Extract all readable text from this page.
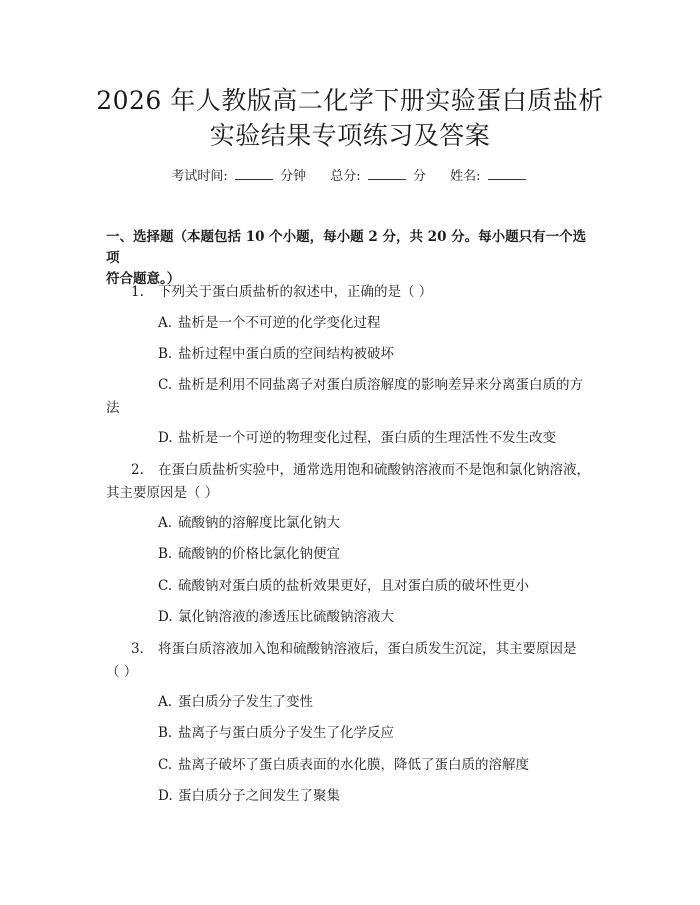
2026 年人教版高二化学下册实验蛋白质盐析
实验结果专项练习及答案
考试时间:	分钟 总分:	分 姓名:
一、选择题（本题包括 10 个小题，每小题 2 分，共 20 分。每小题只有一个选项
符合题意。）
1. 下列关于蛋白质盐析的叙述中，正确的是（ ）
A. 盐析是一个不可逆的化学变化过程
B. 盐析过程中蛋白质的空间结构被破坏
C. 盐析是利用不同盐离子对蛋白质溶解度的影响差异来分离蛋白质的方
法
D. 盐析是一个可逆的物理变化过程，蛋白质的生理活性不发生改变
2. 在蛋白质盐析实验中，通常选用饱和硫酸钠溶液而不是饱和氯化钠溶液，
其主要原因是（ ）
A. 硫酸钠的溶解度比氯化钠大
B. 硫酸钠的价格比氯化钠便宜
C. 硫酸钠对蛋白质的盐析效果更好，且对蛋白质的破坏性更小
D. 氯化钠溶液的渗透压比硫酸钠溶液大
3. 将蛋白质溶液加入饱和硫酸钠溶液后，蛋白质发生沉淀，其主要原因是
（ ）
A. 蛋白质分子发生了变性
B. 盐离子与蛋白质分子发生了化学反应
C. 盐离子破坏了蛋白质表面的水化膜，降低了蛋白质的溶解度
D. 蛋白质分子之间发生了聚集
